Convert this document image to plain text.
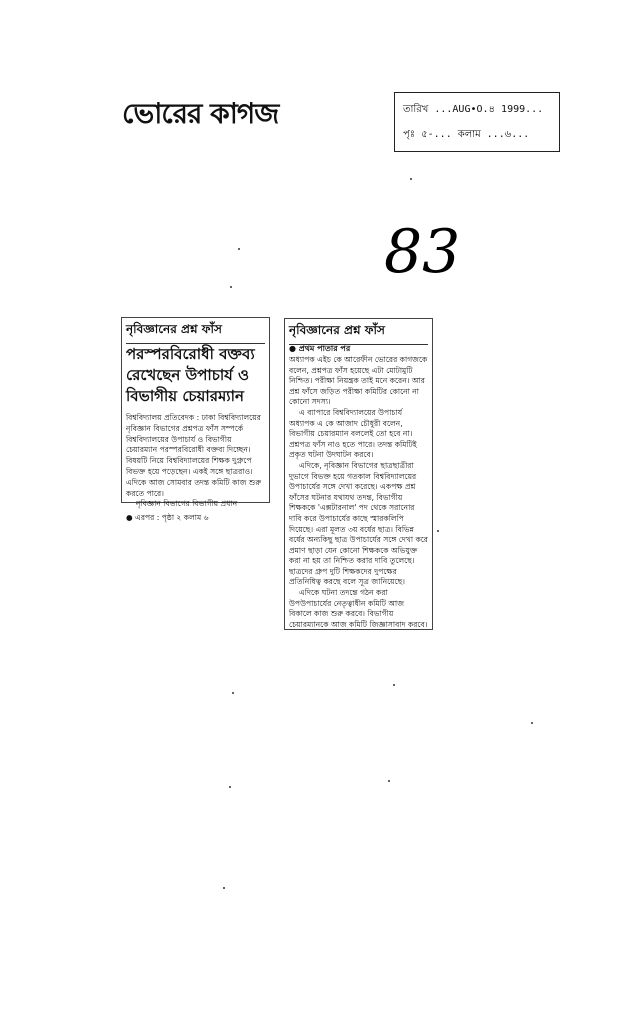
ভোরের কাগজ	তারিখ ...AUG•O.৪ 1999...
পৃঃ ৫-... কলাম ...৬...
83
নৃবিজ্ঞানের প্রশ্ন ফাঁস
পরস্পরবিরোধী বক্তব্য রেখেছেন উপাচার্য ও বিভাগীয় চেয়ারম্যান
বিশ্ববিদ্যালয় প্রতিবেদক : ঢাকা বিশ্ববিদ্যালয়ের নৃবিজ্ঞান বিভাগের প্রশ্নপত্র ফাঁস সম্পর্কে বিশ্ববিদ্যালয়ের উপাচার্য ও বিভাগীয় চেয়ারম্যান পরস্পরবিরোধী বক্তব্য দিচ্ছেন। বিষয়টি নিয়ে বিশ্ববিদ্যালয়ের শিক্ষক দুগ্রুপে বিভক্ত হয়ে পড়েছেন। একই সঙ্গে ছাত্ররাও। এদিকে আজ সোমবার তদন্ত কমিটি কাজ শুরু করতে পারে।
নৃবিজ্ঞান বিভাগের বিভাগীয় প্রধান
● এরপর : পৃষ্ঠা ২ কলাম ৬
নৃবিজ্ঞানের প্রশ্ন ফাঁস
● প্রথম পাতার পর

অধ্যাপক এইচ কে আরেফীন ভোরের কাগজকে বলেন, প্রশ্নপত্র ফাঁস হয়েছে এটা মোটামুটি নিশ্চিত। পরীক্ষা নিয়ন্ত্রক তাই মনে করেন। আর প্রশ্ন ফাঁসে জড়িত পরীক্ষা কমিটির কোনো না কোনো সদস্য।

এ ব্যাপারে বিশ্ববিদ্যালয়ের উপাচার্য অধ্যাপক এ কে আজাদ চৌধুরী বলেন, বিভাগীয় চেয়ারম্যান বললেই তো হবে না। প্রশ্নপত্র ফাঁস নাও হতে পারে। তদন্ত কমিটিই প্রকৃত ঘটনা উদঘাটন করবে।

এদিকে, নৃবিজ্ঞান বিভাগের ছাত্রছাত্রীরা দুভাগে বিভক্ত হয়ে গতকাল বিশ্ববিদ্যালয়ের উপাচার্যের সঙ্গে দেখা করেছে। একপক্ষ প্রশ্ন ফাঁসের ঘটনার যথাযথ তদন্ত, বিভাগীয় শিক্ষককে 'এক্সটারনাল' পদ থেকে সরানোর দাবি করে উপাচার্যের কাছে স্মারকলিপি দিয়েছে। এরা মূলত ৩য় বর্ষের ছাত্র। বিভিন্ন বর্ষের অন্যকিছু ছাত্র উপাচার্যের সঙ্গে দেখা করে প্রমাণ ছাড়া যেন কোনো শিক্ষককে অভিযুক্ত করা না হয় তা নিশ্চিত করার দাবি তুলেছে। ছাত্রদের গ্রুপ দুটি শিক্ষকদের দুপক্ষের প্রতিনিধিত্ব করছে বলে সূত্র জানিয়েছে।

এদিকে ঘটনা তদন্তে গঠন করা উপউপাচার্যের নেতৃত্বাধীন কমিটি আজ বিকালে কাজ শুরু করবে। বিভাগীয় চেয়ারম্যানকে আজ কমিটি জিজ্ঞাসাবাদ করবে।
